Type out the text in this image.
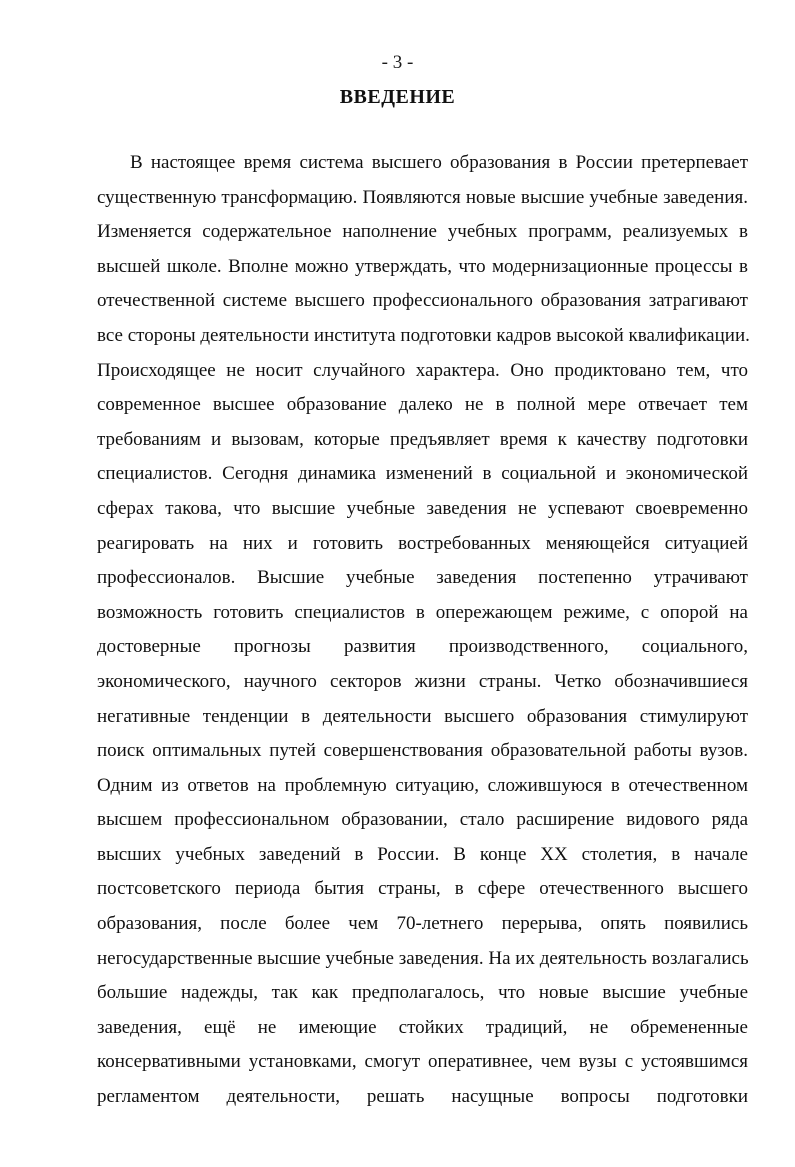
- 3 -
ВВЕДЕНИЕ
В настоящее время система высшего образования в России претерпевает
существенную трансформацию. Появляются новые высшие учебные заведения.
Изменяется содержательное наполнение учебных программ, реализуемых в
высшей школе. Вполне можно утверждать, что модернизационные процессы в
отечественной системе высшего профессионального образования затрагивают
все стороны деятельности института подготовки кадров высокой квалификации.
Происходящее не носит случайного характера. Оно продиктовано тем, что
современное высшее образование далеко не в полной мере отвечает тем
требованиям и вызовам, которые предъявляет время к качеству подготовки
специалистов. Сегодня динамика изменений в социальной и экономической
сферах такова, что высшие учебные заведения не успевают своевременно
реагировать на них и готовить востребованных меняющейся ситуацией
профессионалов. Высшие учебные заведения постепенно утрачивают
возможность готовить специалистов в опережающем режиме, с опорой на
достоверные прогнозы развития производственного, социального,
экономического, научного секторов жизни страны. Четко обозначившиеся
негативные тенденции в деятельности высшего образования стимулируют
поиск оптимальных путей совершенствования образовательной работы вузов.
Одним из ответов на проблемную ситуацию, сложившуюся в отечественном
высшем профессиональном образовании, стало расширение видового ряда
высших учебных заведений в России. В конце XX столетия, в начале
постсоветского периода бытия страны, в сфере отечественного высшего
образования, после более чем 70-летнего перерыва, опять появились
негосударственные высшие учебные заведения. На их деятельность возлагались
большие надежды, так как предполагалось, что новые высшие учебные
заведения, ещё не имеющие стойких традиций, не обремененные
консервативными установками, смогут оперативнее, чем вузы с устоявшимся
регламентом деятельности, решать насущные вопросы подготовки
